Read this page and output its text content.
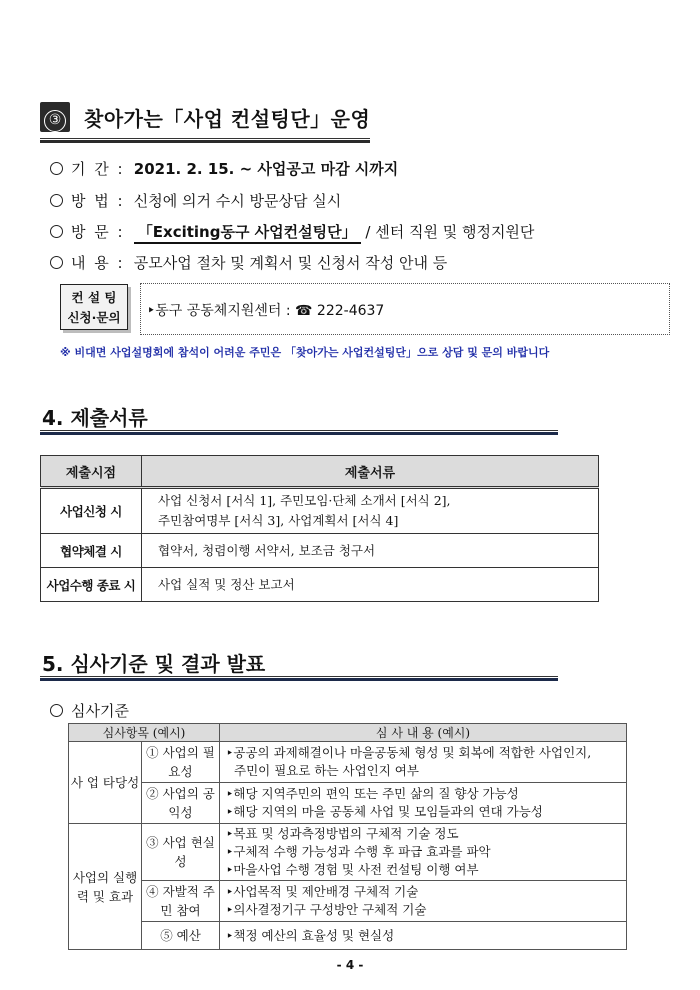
③	찾아가는「사업 컨설팅단」운영
기 간 : 2021. 2. 15. ~ 사업공고 마감 시까지
방 법 : 신청에 의거 수시 방문상담 실시
방 문 : 「Exciting동구 사업컨설팅단」 / 센터 직원 및 행정지원단
내 용 : 공모사업 절차 및 계획서 및 신청서 작성 안내 등
컨 설 팅
신청·문의	‣동구 공동체지원센터 : ☎ 222-4637
※ 비대면 사업설명회에 참석이 어려운 주민은 「찾아가는 사업컨설팅단」으로 상담 및 문의 바랍니다
4. 제출서류
제출시점	제출서류
사업신청 시	사업 신청서 [서식 1], 주민모임·단체 소개서 [서식 2],
주민참여명부 [서식 3], 사업계획서 [서식 4]

협약체결 시	협약서, 청렴이행 서약서, 보조금 청구서
사업수행 종료 시	사업 실적 및 정산 보고서
5. 심사기준 및 결과 발표
심사기준
심사항목 (예시)		심 사 내 용 (예시)
사 업 타당성	① 사업의 필요성	‣공공의 과제해결이나 마을공동체 형성 및 회복에 적합한 사업인지,
주민이 필요로 하는 사업인지 여부

	② 사업의 공익성	‣해당 지역주민의 편익 또는 주민 삶의 질 향상 가능성
‣해당 지역의 마을 공동체 사업 및 모임들과의 연대 가능성

사업의 실행력 및 효과	③ 사업 현실성	‣목표 및 성과측정방법의 구체적 기술 정도
‣구체적 수행 가능성과 수행 후 파급 효과를 파악
‣마을사업 수행 경험 및 사전 컨설팅 이행 여부

	④ 자발적 주민 참여	‣사업목적 및 제안배경 구체적 기술
‣의사결정기구 구성방안 구체적 기술

	⑤ 예산	‣책정 예산의 효율성 및 현실성
- 4 -
